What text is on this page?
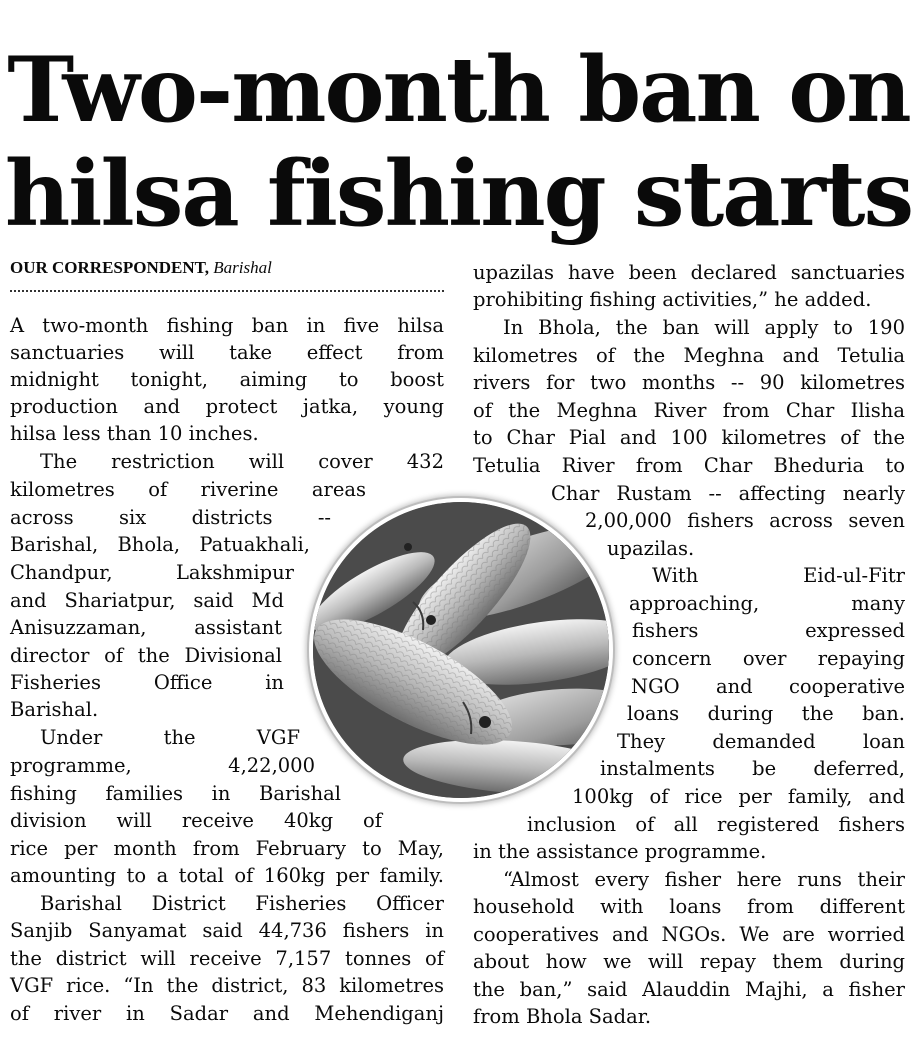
Two-month ban on
hilsa fishing starts
OUR CORRESPONDENT, Barishal

A two-month fishing ban in five hilsa

sanctuaries will take effect from

midnight tonight, aiming to boost

production and protect jatka, young

hilsa less than 10 inches.

The restriction will cover 432

kilometres of riverine areas

across six districts --

Barishal, Bhola, Patuakhali,

Chandpur, Lakshmipur

and Shariatpur, said Md

Anisuzzaman, assistant

director of the Divisional

Fisheries Office in

Barishal.

Under the VGF

programme, 4,22,000

fishing families in Barishal

division will receive 40kg of

rice per month from February to May,

amounting to a total of 160kg per family.

Barishal District Fisheries Officer

Sanjib Sanyamat said 44,736 fishers in

the district will receive 7,157 tonnes of

VGF rice. “In the district, 83 kilometres

of river in Sadar and Mehendiganj

upazilas have been declared sanctuaries

prohibiting fishing activities,” he added.

In Bhola, the ban will apply to 190

kilometres of the Meghna and Tetulia

rivers for two months -- 90 kilometres

of the Meghna River from Char Ilisha

to Char Pial and 100 kilometres of the

Tetulia River from Char Bheduria to

Char Rustam -- affecting nearly

2,00,000 fishers across seven

upazilas.

With Eid-ul-Fitr

approaching, many

fishers expressed

concern over repaying

NGO and cooperative

loans during the ban.

They demanded loan

instalments be deferred,

100kg of rice per family, and

inclusion of all registered fishers

in the assistance programme.

“Almost every fisher here runs their

household with loans from different

cooperatives and NGOs. We are worried

about how we will repay them during

the ban,” said Alauddin Majhi, a fisher

from Bhola Sadar.
